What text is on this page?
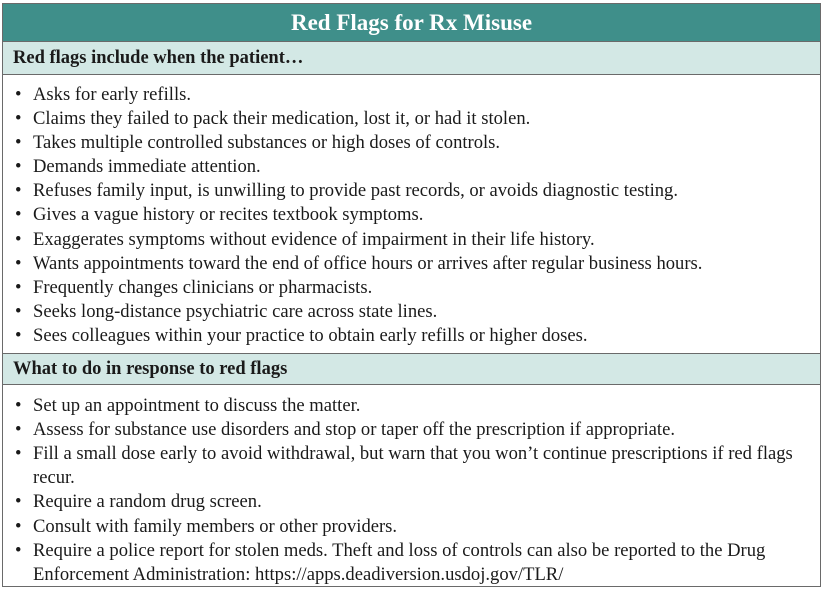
Red Flags for Rx Misuse
Red flags include when the patient…
• Asks for early refills.
• Claims they failed to pack their medication, lost it, or had it stolen.
• Takes multiple controlled substances or high doses of controls.
• Demands immediate attention.
• Refuses family input, is unwilling to provide past records, or avoids diagnostic testing.
• Gives a vague history or recites textbook symptoms.
• Exaggerates symptoms without evidence of impairment in their life history.
• Wants appointments toward the end of office hours or arrives after regular business hours.
• Frequently changes clinicians or pharmacists.
• Seeks long-distance psychiatric care across state lines.
• Sees colleagues within your practice to obtain early refills or higher doses.
What to do in response to red flags
• Set up an appointment to discuss the matter.
• Assess for substance use disorders and stop or taper off the prescription if appropriate.
• Fill a small dose early to avoid withdrawal, but warn that you won’t continue prescriptions if red flags recur.
• Require a random drug screen.
• Consult with family members or other providers.
• Require a police report for stolen meds. Theft and loss of controls can also be reported to the Drug Enforcement Administration: https://apps.deadiversion.usdoj.gov/TLR/
